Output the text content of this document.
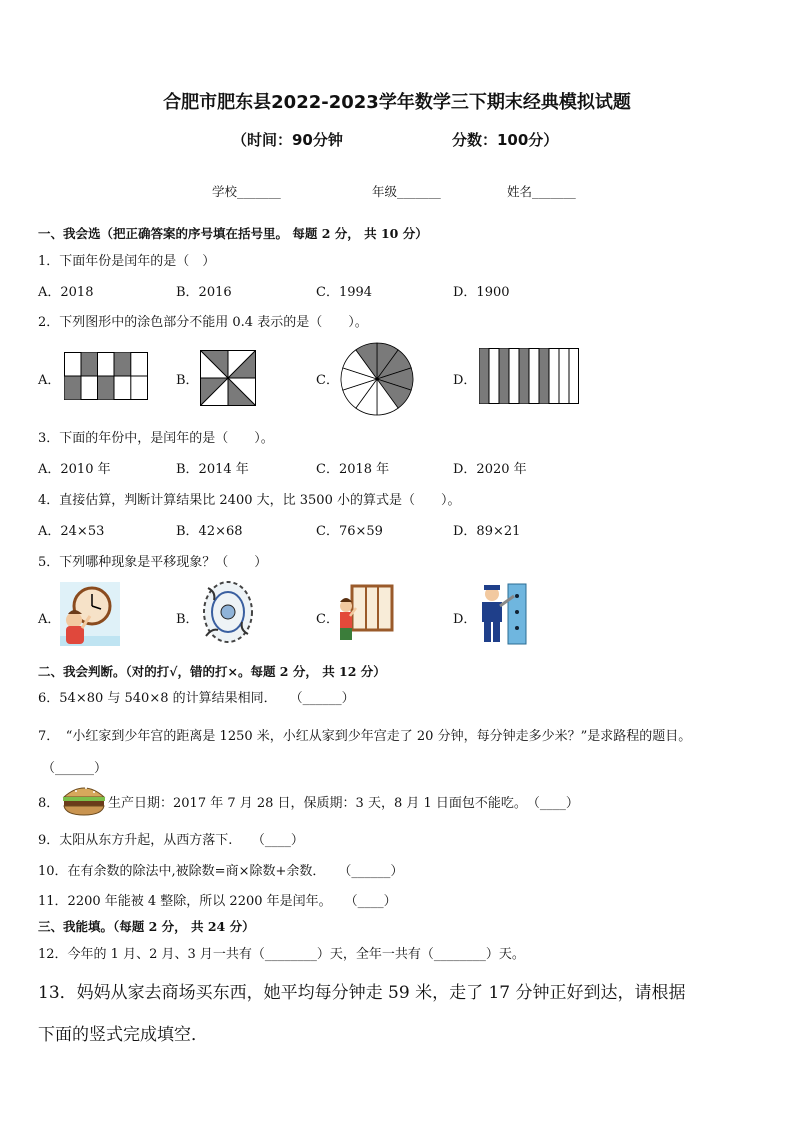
合肥市肥东县2022-2023学年数学三下期末经典模拟试题
（时间：90分钟	分数：100分）
学校_______	年级_______	姓名_______
一、我会选（把正确答案的序号填在括号里。 每题 2 分， 共 10 分）
1．下面年份是闰年的是（　）
A．2018	B．2016	C．1994	D．1900
2．下列图形中的涂色部分不能用 0.4 表示的是（　　）。
A．	B．	C．	D．
3．下面的年份中，是闰年的是（　　）。
A．2010 年	B．2014 年	C．2018 年	D．2020 年
4．直接估算，判断计算结果比 2400 大，比 3500 小的算式是（　　）。
A．24×53	B．42×68	C．76×59	D．89×21
5．下列哪种现象是平移现象？（　　）
A．	B．	C．	D．
二、我会判断。（对的打√，错的打×。每题 2 分， 共 12 分）
6．54×80 与 540×8 的计算结果相同．　　（______）
7．　“小红家到少年宫的距离是 1250 米，小红从家到少年宫走了 20 分钟，每分钟走多少米？”是求路程的题目。
（______）
8．	生产日期：2017 年 7 月 28 日，保质期：3 天，8 月 1 日面包不能吃。　（____）
9．太阳从东方升起，从西方落下.　　（____）
10．在有余数的除法中,被除数=商×除数+余数．　　（______）
11．2200 年能被 4 整除，所以 2200 年是闰年。　　（____）
三、我能填。（每题 2 分， 共 24 分）
12．今年的 1 月、2 月、3 月一共有（________）天，全年一共有（________）天。
13．妈妈从家去商场买东西，她平均每分钟走 59 米，走了 17 分钟正好到达，请根据
下面的竖式完成填空．
